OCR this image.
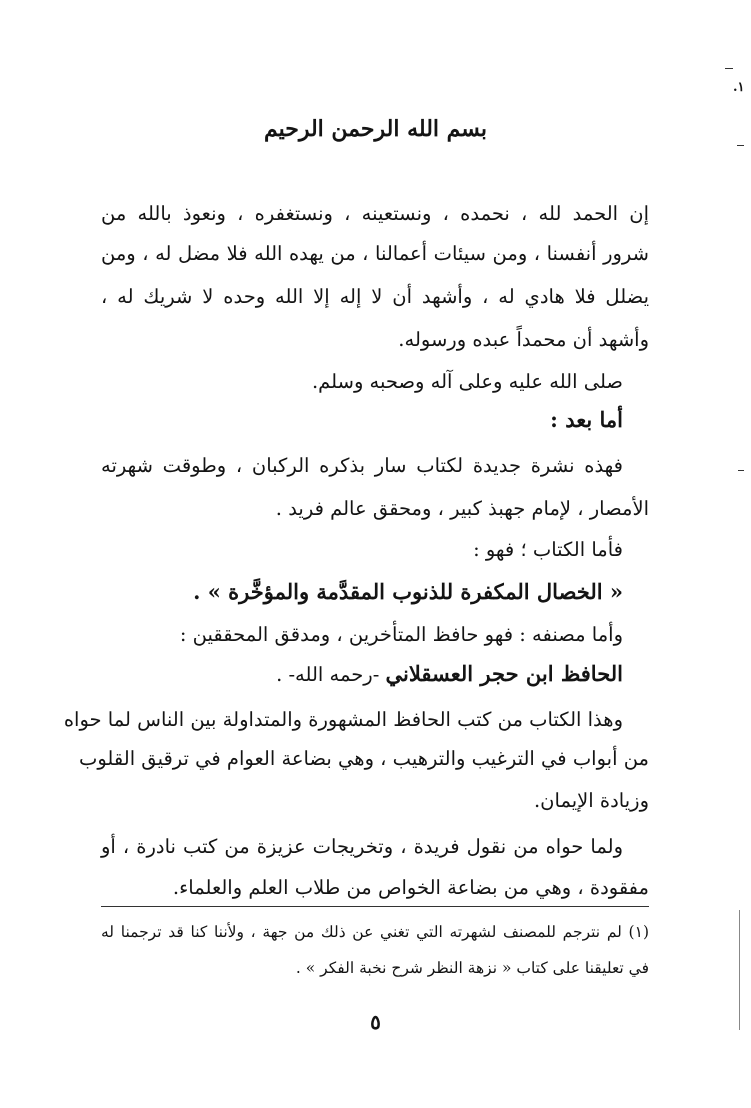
بسم الله الرحمن الرحيم
إن الحمد لله ، نحمده ، ونستعينه ، ونستغفره ، ونعوذ بالله من
شرور أنفسنا ، ومن سيئات أعمالنا ، من يهده الله فلا مضل له ، ومن
يضلل فلا هادي له ، وأشهد أن لا إله إلا الله وحده لا شريك له ،
وأشهد أن محمداً عبده ورسوله.
صلى الله عليه وعلى آله وصحبه وسلم.
أما بعد :
فهذه نشرة جديدة لكتاب سار بذكره الركبان ، وطوقت شهرته
الأمصار ، لإمام جهبذ كبير ، ومحقق عالم فريد .
فأما الكتاب ؛ فهو :
« الخصال المكفرة للذنوب المقدَّمة والمؤخَّرة » .
وأما مصنفه : فهو حافظ المتأخرين ، ومدقق المحققين :
الحافظ ابن حجر العسقلاني -رحمه الله- .
وهذا الكتاب من كتب الحافظ المشهورة والمتداولة بين الناس لما حواه
من أبواب في الترغيب والترهيب ، وهي بضاعة العوام في ترقيق القلوب
وزيادة الإيمان.
ولما حواه من نقول فريدة ، وتخريجات عزيزة من كتب نادرة ، أو
مفقودة ، وهي من بضاعة الخواص من طلاب العلم والعلماء.
(١) لم نترجم للمصنف لشهرته التي تغني عن ذلك من جهة ، ولأننا كنا قد ترجمنا له
في تعليقنا على كتاب « نزهة النظر شرح نخبة الفكر » .
٥
١.
